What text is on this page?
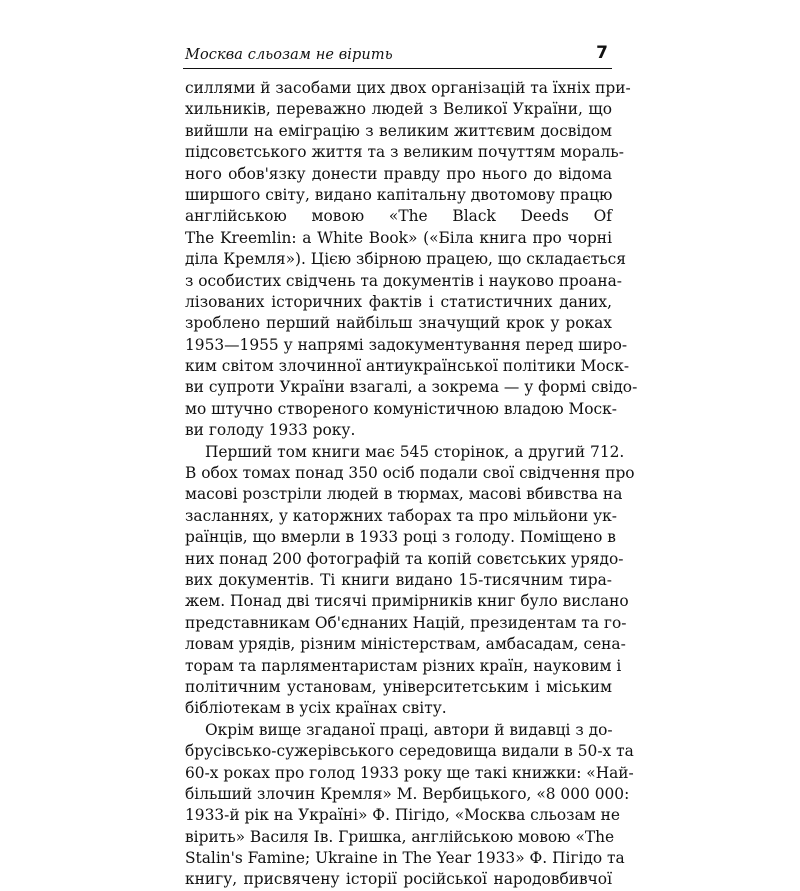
Москва сльозам не вірить	7
силлями й засобами цих двох організацій та їхніх при-
хильників, переважно людей з Великої України, що
вийшли на еміграцію з великим життєвим досвідом
підсовєтського життя та з великим почуттям мораль-
ного обов'язку донести правду про нього до відома
ширшого світу, видано капітальну двотомову працю
англійською мовою «The Black Deeds Of
The Kreemlin: a White Book» («Біла книга про чорні
діла Кремля»). Цією збірною працею, що складається
з особистих свідчень та документів і науково проана-
лізованих історичних фактів і статистичних даних,
зроблено перший найбільш значущий крок у роках
1953—1955 у напрямі задокументування перед широ-
ким світом злочинної антиукраїнської політики Моск-
ви супроти України взагалі, а зокрема — у формі свідо-
мо штучно створеного комуністичною владою Моск-
ви голоду 1933 року.
Перший том книги має 545 сторінок, а другий 712.
В обох томах понад 350 осіб подали свої свідчення про
масові розстріли людей в тюрмах, масові вбивства на
засланнях, у каторжних таборах та про мільйони ук-
раїнців, що вмерли в 1933 році з голоду. Поміщено в
них понад 200 фотографій та копій совєтських урядо-
вих документів. Ті книги видано 15-тисячним тира-
жем. Понад дві тисячі примірників книг було вислано
представникам Об'єднаних Націй, президентам та го-
ловам урядів, різним міністерствам, амбасадам, сена-
торам та парляментаристам різних країн, науковим і
політичним установам, університетським і міським
бібліотекам в усіх країнах світу.
Окрім вище згаданої праці, автори й видавці з до-
брусівсько-сужерівського середовища видали в 50-х та
60-х роках про голод 1933 року ще такі книжки: «Най-
більший злочин Кремля» М. Вербицького, «8 000 000:
1933-й рік на Україні» Ф. Пігідо, «Москва сльозам не
вірить» Василя Ів. Гришка, англійською мовою «The
Stalin's Famine; Ukraine in The Year 1933» Ф. Пігідо та
книгу, присвячену історії російської народовбивчої
